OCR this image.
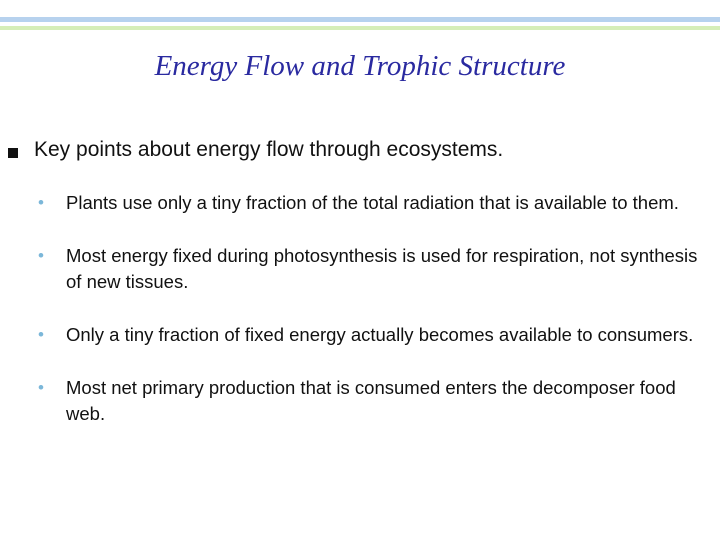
Energy Flow and Trophic Structure
Key points about energy flow through ecosystems.
• Plants use only a tiny fraction of the total radiation that is available to them.
• Most energy fixed during photosynthesis is used for respiration, not synthesis of new tissues.
• Only a tiny fraction of fixed energy actually becomes available to consumers.
• Most net primary production that is consumed enters the decomposer food web.
